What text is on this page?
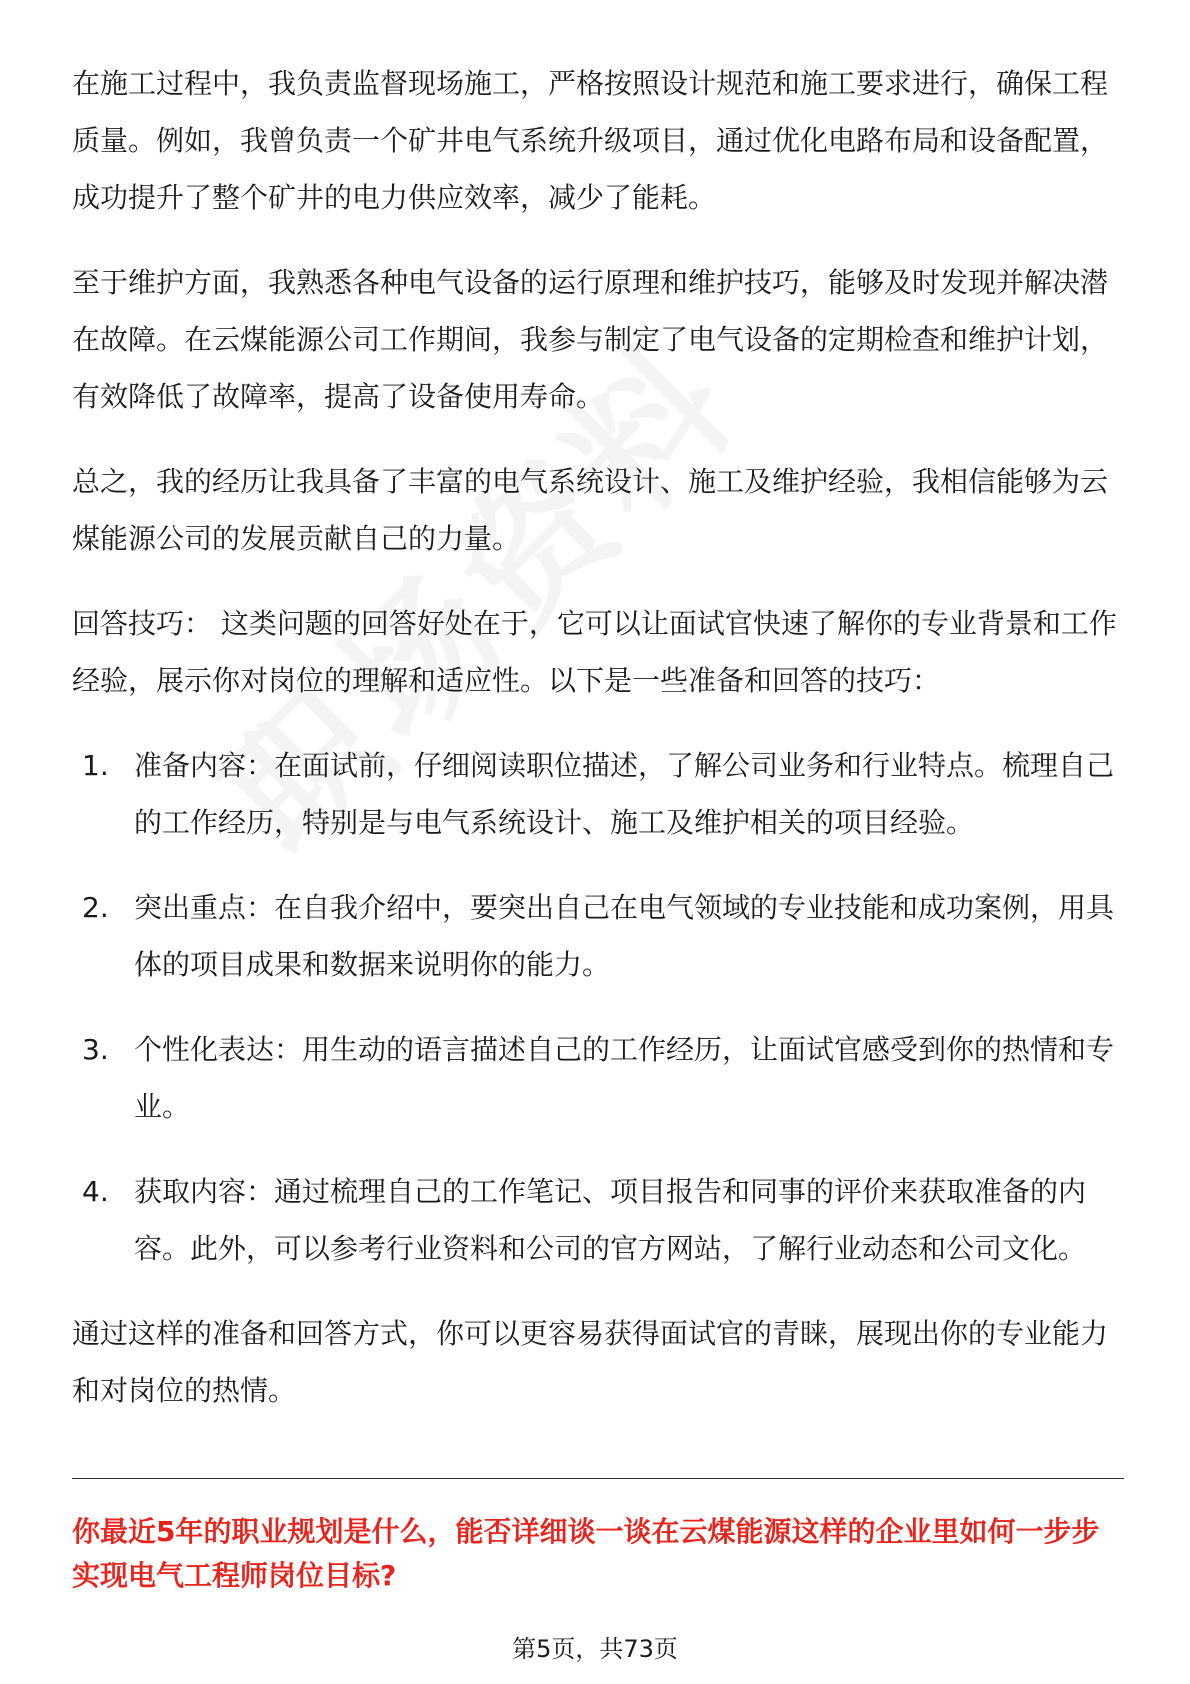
在施工过程中，我负责监督现场施工，严格按照设计规范和施工要求进行，确保工程质量。例如，我曾负责一个矿井电气系统升级项目，通过优化电路布局和设备配置，成功提升了整个矿井的电力供应效率，减少了能耗。

至于维护方面，我熟悉各种电气设备的运行原理和维护技巧，能够及时发现并解决潜在故障。在云煤能源公司工作期间，我参与制定了电气设备的定期检查和维护计划，有效降低了故障率，提高了设备使用寿命。

总之，我的经历让我具备了丰富的电气系统设计、施工及维护经验，我相信能够为云煤能源公司的发展贡献自己的力量。

回答技巧： 这类问题的回答好处在于，它可以让面试官快速了解你的专业背景和工作经验，展示你对岗位的理解和适应性。以下是一些准备和回答的技巧：

1. 准备内容：在面试前，仔细阅读职位描述，了解公司业务和行业特点。梳理自己的工作经历，特别是与电气系统设计、施工及维护相关的项目经验。
2. 突出重点：在自我介绍中，要突出自己在电气领域的专业技能和成功案例，用具体的项目成果和数据来说明你的能力。
3. 个性化表达：用生动的语言描述自己的工作经历，让面试官感受到你的热情和专业。
4. 获取内容：通过梳理自己的工作笔记、项目报告和同事的评价来获取准备的内容。此外，可以参考行业资料和公司的官方网站，了解行业动态和公司文化。

通过这样的准备和回答方式，你可以更容易获得面试官的青睐，展现出你的专业能力和对岗位的热情。

你最近5年的职业规划是什么，能否详细谈一谈在云煤能源这样的企业里如何一步步实现电气工程师岗位目标?
第5页，共73页
